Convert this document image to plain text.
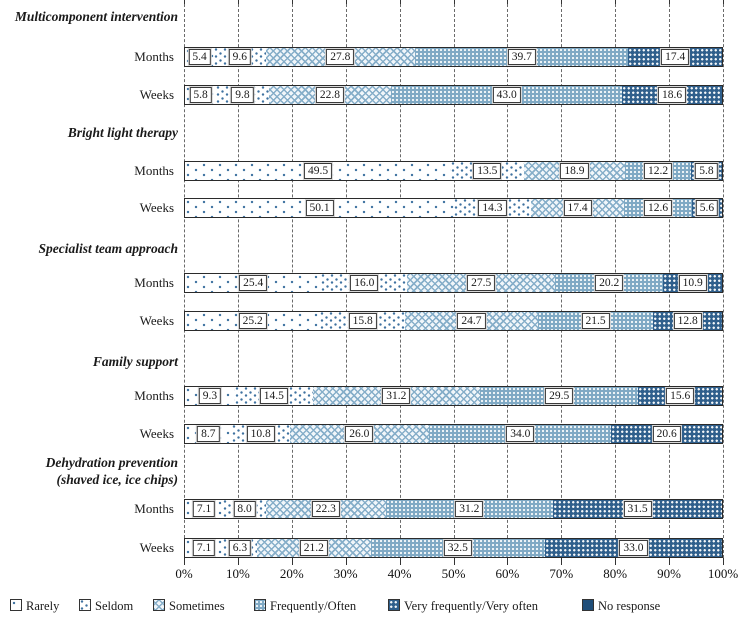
0%	10% 20% 30% 40% 50% 60% 70% 80% 90% 100%
Multicomponent intervention
Months	5.4	9.6	27.8	39.7	17.4
Weeks	5.8	9.8	22.8	43.0	18.6
Bright light therapy
Months	49.5	13.5	18.9	12.2	5.8
Weeks	50.1	14.3	17.4	12.6	5.6
Specialist team approach
Months	25.4	16.0	27.5	20.2	10.9
Weeks	25.2	15.8	24.7	21.5	12.8
Family support
Months	9.3	14.5	31.2	29.5	15.6
Weeks	8.7	10.8	26.0	34.0	20.6
Dehydration prevention
(shaved ice, ice chips)
Months	7.1	8.0	22.3	31.2	31.5
Weeks	7.1	6.3	21.2	32.5	33.0
Rarely	Seldom	Sometimes	Frequently/Often	Very frequently/Very often	No response
